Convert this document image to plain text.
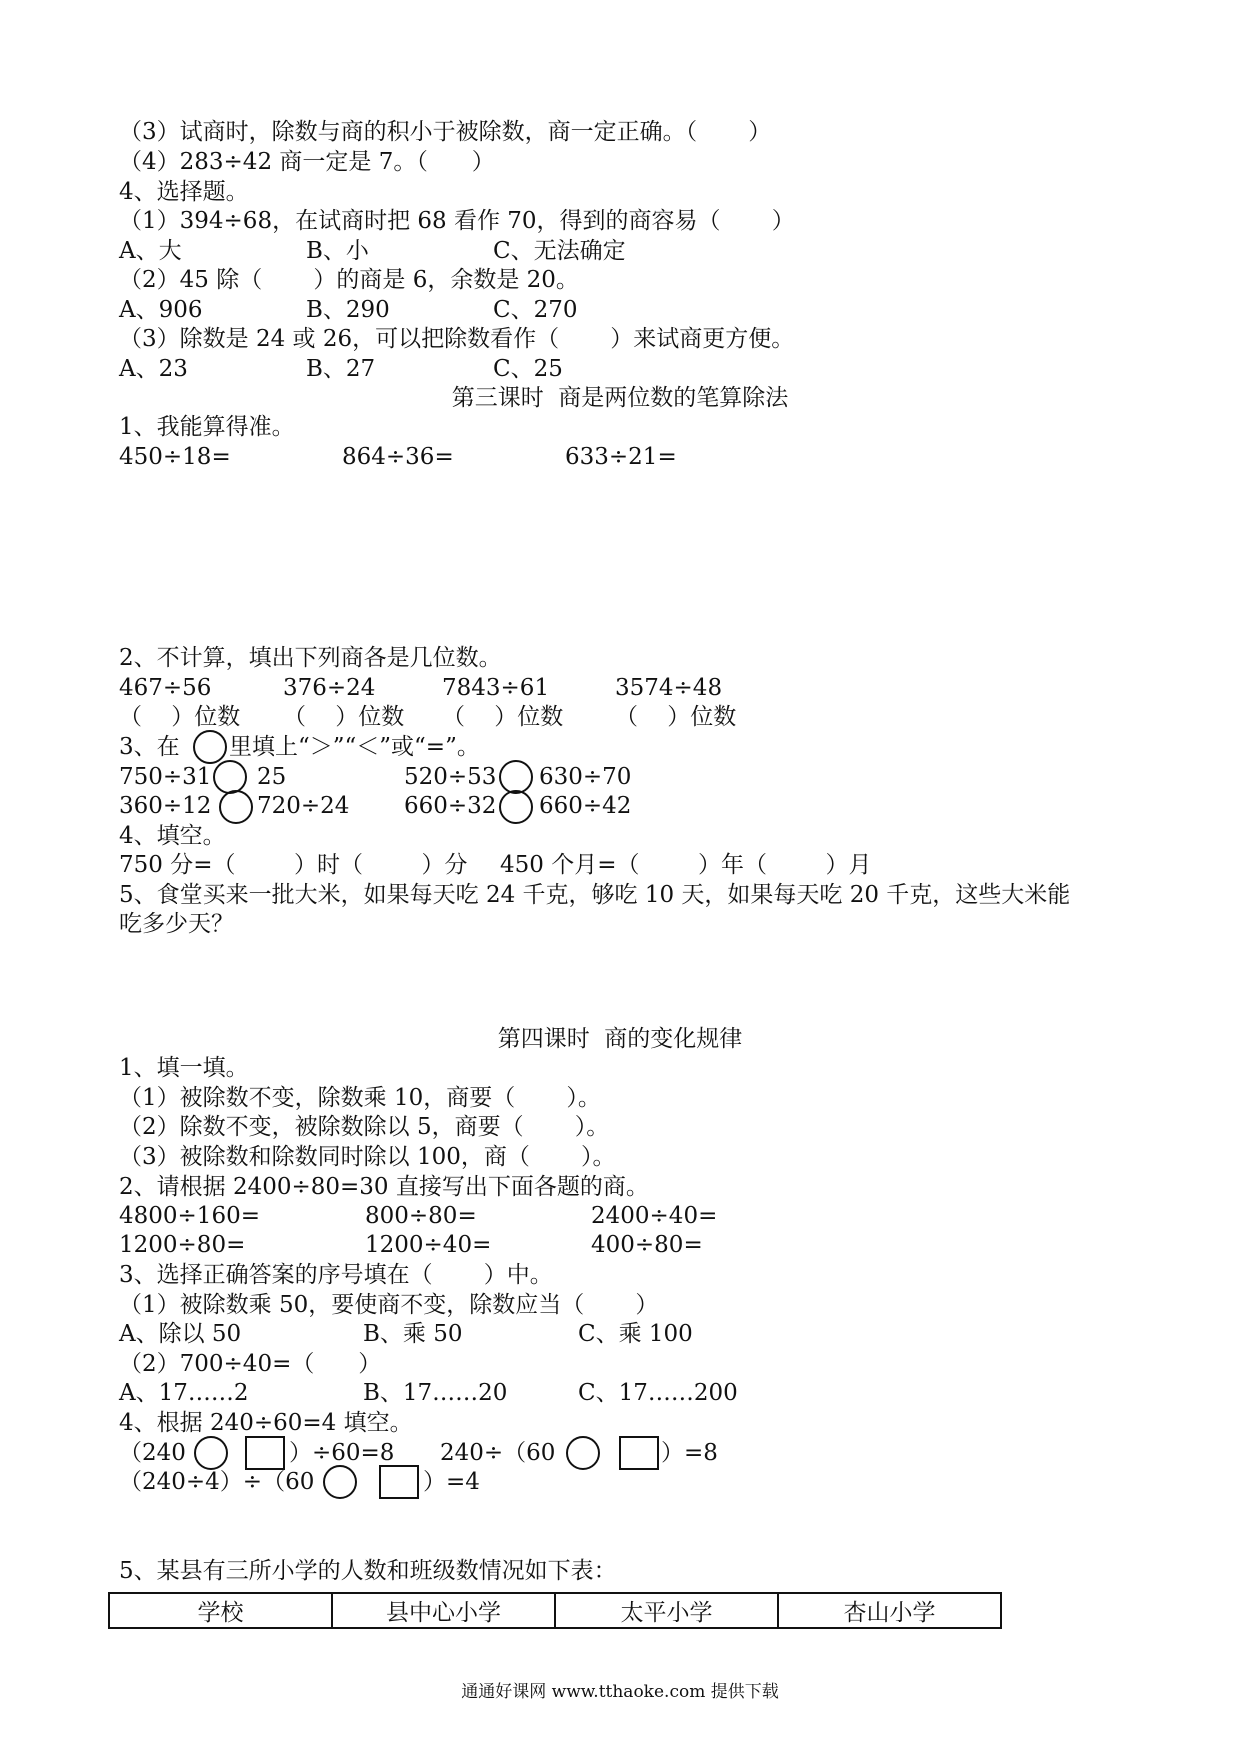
（3）试商时，除数与商的积小于被除数，商一定正确。（       ）
（4）283÷42 商一定是 7。（      ）
4、选择题。
（1）394÷68，在试商时把 68 看作 70，得到的商容易（       ）
A、大	B、小	C、无法确定
（2）45 除（       ）的商是 6，余数是 20。
A、906	B、290	C、270
（3）除数是 24 或 26，可以把除数看作（       ）来试商更方便。
A、23	B、27	C、25
第三课时  商是两位数的笔算除法
1、我能算得准。
450÷18=	864÷36=	633÷21=
2、不计算，填出下列商各是几位数。
467÷56	376÷24	7843÷61	3574÷48
（    ）位数 （    ）位数 （    ）位数 （    ）位数
3、在 里填上“＞”“＜”或“=”。
750÷31 25	520÷53 630÷70
360÷12 720÷24 660÷32 660÷42
4、填空。
750 分=（        ）时（        ）分 450 个月=（        ）年（        ）月
5、食堂买来一批大米，如果每天吃 24 千克，够吃 10 天，如果每天吃 20 千克，这些大米能
吃多少天？
第四课时  商的变化规律
1、填一填。
（1）被除数不变，除数乘 10，商要（       ）。
（2）除数不变，被除数除以 5，商要（       ）。
（3）被除数和除数同时除以 100，商（       ）。
2、请根据 2400÷80=30 直接写出下面各题的商。
4800÷160=	800÷80=	2400÷40=
1200÷80=	1200÷40=	400÷80=
3、选择正确答案的序号填在（       ）中。
（1）被除数乘 50，要使商不变，除数应当（       ）
A、除以 50	B、乘 50	C、乘 100
（2）700÷40=（      ）
A、17……2	B、17……20	C、17……200
4、根据 240÷60=4 填空。
（240	）÷60=8 240÷（60	）=8
（240÷4）÷（60	）=4
5、某县有三所小学的人数和班级数情况如下表：
学校	县中心小学	太平小学	杏山小学
通通好课网 www.tthaoke.com 提供下载
